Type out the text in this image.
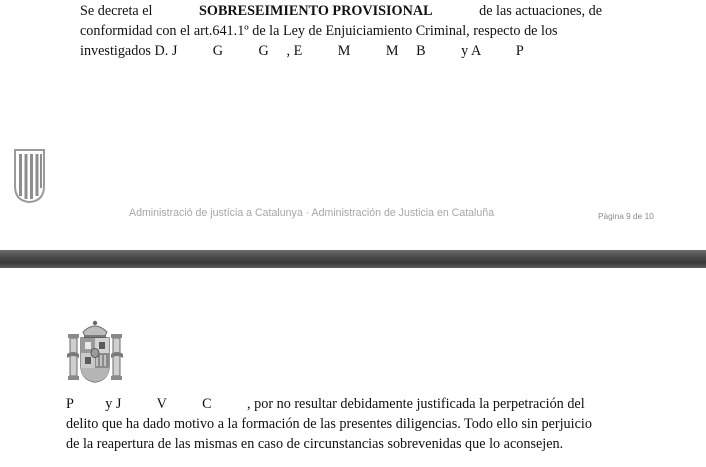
Se decreta el	SOBRESEIMIENTO PROVISIONAL	de las actuaciones, de
conformidad con el art.641.1º de la Ley de Enjuiciamiento Criminal, respecto de los
investigados D. J          G          G     , E          M          M     B          y A          P
Administració de justícia a Catalunya · Administración de Justicia en Cataluña	Pàgina 9 de 10
P         y J          V          C          , por no resultar debidamente justificada la perpetración del
delito que ha dado motivo a la formación de las presentes diligencias. Todo ello sin perjuicio
de la reapertura de las mismas en caso de circunstancias sobrevenidas que lo aconsejen.
